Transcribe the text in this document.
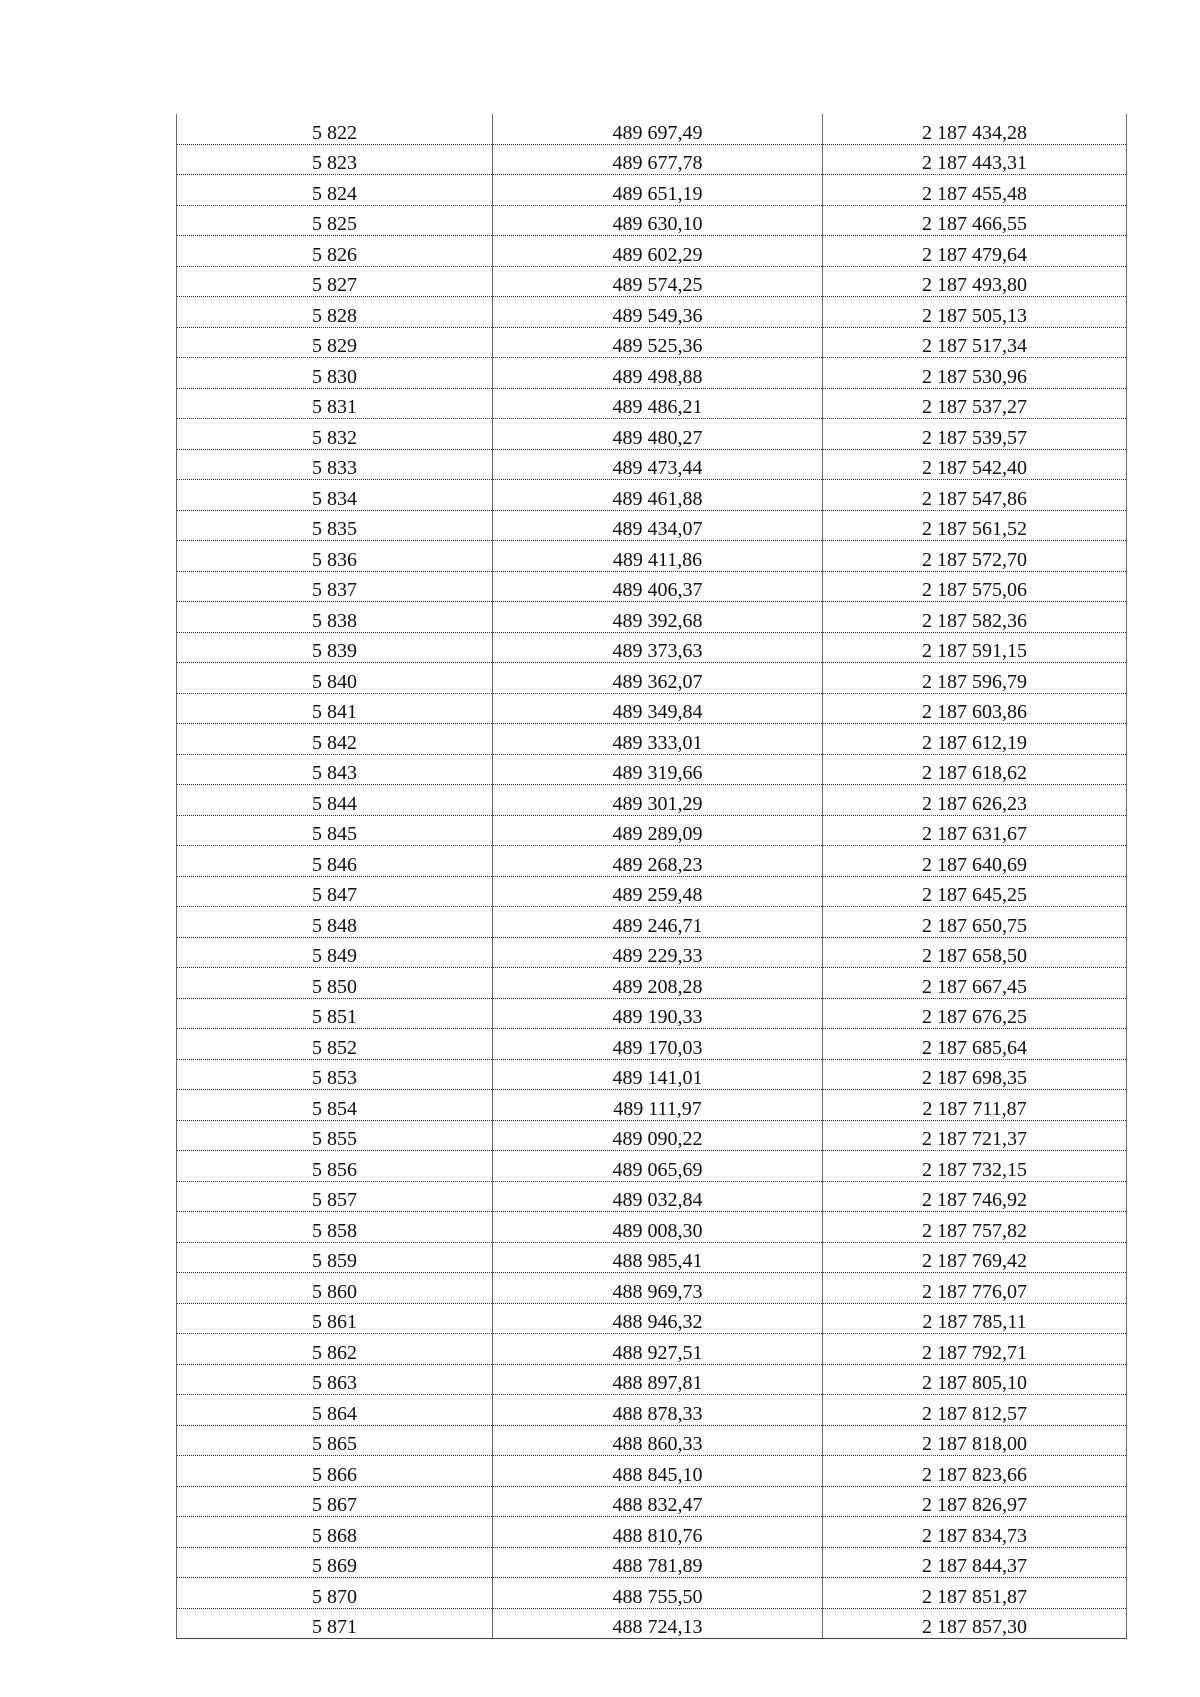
5 822	489 697,49	2 187 434,28
5 823	489 677,78	2 187 443,31
5 824	489 651,19	2 187 455,48
5 825	489 630,10	2 187 466,55
5 826	489 602,29	2 187 479,64
5 827	489 574,25	2 187 493,80
5 828	489 549,36	2 187 505,13
5 829	489 525,36	2 187 517,34
5 830	489 498,88	2 187 530,96
5 831	489 486,21	2 187 537,27
5 832	489 480,27	2 187 539,57
5 833	489 473,44	2 187 542,40
5 834	489 461,88	2 187 547,86
5 835	489 434,07	2 187 561,52
5 836	489 411,86	2 187 572,70
5 837	489 406,37	2 187 575,06
5 838	489 392,68	2 187 582,36
5 839	489 373,63	2 187 591,15
5 840	489 362,07	2 187 596,79
5 841	489 349,84	2 187 603,86
5 842	489 333,01	2 187 612,19
5 843	489 319,66	2 187 618,62
5 844	489 301,29	2 187 626,23
5 845	489 289,09	2 187 631,67
5 846	489 268,23	2 187 640,69
5 847	489 259,48	2 187 645,25
5 848	489 246,71	2 187 650,75
5 849	489 229,33	2 187 658,50
5 850	489 208,28	2 187 667,45
5 851	489 190,33	2 187 676,25
5 852	489 170,03	2 187 685,64
5 853	489 141,01	2 187 698,35
5 854	489 111,97	2 187 711,87
5 855	489 090,22	2 187 721,37
5 856	489 065,69	2 187 732,15
5 857	489 032,84	2 187 746,92
5 858	489 008,30	2 187 757,82
5 859	488 985,41	2 187 769,42
5 860	488 969,73	2 187 776,07
5 861	488 946,32	2 187 785,11
5 862	488 927,51	2 187 792,71
5 863	488 897,81	2 187 805,10
5 864	488 878,33	2 187 812,57
5 865	488 860,33	2 187 818,00
5 866	488 845,10	2 187 823,66
5 867	488 832,47	2 187 826,97
5 868	488 810,76	2 187 834,73
5 869	488 781,89	2 187 844,37
5 870	488 755,50	2 187 851,87
5 871	488 724,13	2 187 857,30
